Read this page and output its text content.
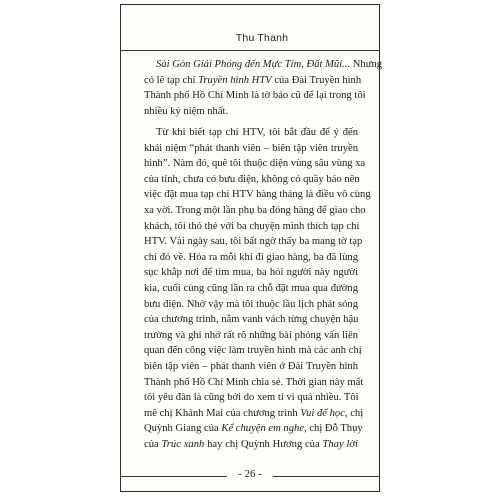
Thu Thanh
Sài Gòn Giải Phóng đến Mực Tím, Đất Mũi... Nhưng
có lẽ tạp chí Truyền hình HTV của Đài Truyền hình
Thành phố Hồ Chí Minh là tờ báo cũ để lại trong tôi
nhiều kỷ niệm nhất.
Từ khi biết tạp chí HTV, tôi bắt đầu để ý đến
khái niệm “phát thanh viên – biên tập viên truyền
hình”. Nàm đó, quê tôi thuộc diện vùng sâu vùng xa
của tỉnh, chưa có bưu điện, không có quầy báo nên
việc đặt mua tạp chí HTV hàng tháng là điều vô cùng
xa vời. Trong một lần phụ ba đóng hàng để giao cho
khách, tôi thó thẻ với ba chuyện mình thích tạp chí
HTV. Vài ngày sau, tôi bất ngờ thấy ba mang tờ tạp
chí đó về. Hóa ra mỗi khi đi giao hàng, ba đã lùng
sục khắp nơi để tìm mua, ba hỏi người này người
kia, cuối cùng cũng lần ra chỗ đặt mua qua đường
bưu điện. Nhờ vậy mà tôi thuộc lầu lịch phát sóng
của chương trình, nắm vanh vách từng chuyện hậu
trường và ghi nhớ rất rõ những bài phỏng vấn liên
quan đến công việc làm truyền hình mà các anh chị
biên tập viên – phát thanh viên ở Đài Truyền hình
Thành phố Hồ Chí Minh chia sẻ. Thời gian này mất
tôi yêu đàn là cũng bởi do xem ti vi quá nhiều. Tôi
mê chị Khánh Mai của chương trình Vui để học, chị
Quỳnh Giang của Kể chuyện em nghe, chị Đỗ Thụy
của Trúc xanh hay chị Quỳnh Hương của Thay lời
- 26 -
